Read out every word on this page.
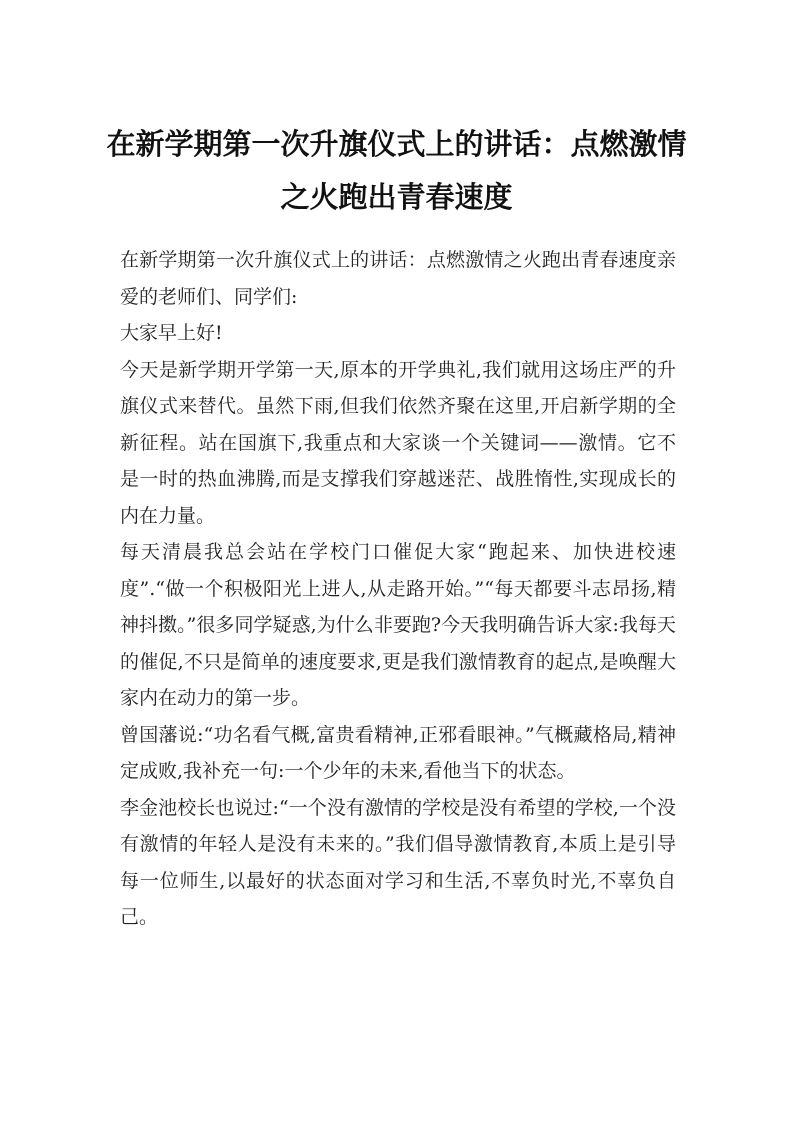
在新学期第一次升旗仪式上的讲话：点燃激情之火跑出青春速度

在新学期第一次升旗仪式上的讲话：点燃激情之火跑出青春速度亲爱的老师们、同学们:

大家早上好!

今天是新学期开学第一天,原本的开学典礼,我们就用这场庄严的升旗仪式来替代。虽然下雨,但我们依然齐聚在这里,开启新学期的全新征程。站在国旗下,我重点和大家谈一个关键词——激情。它不是一时的热血沸腾,而是支撑我们穿越迷茫、战胜惰性,实现成长的内在力量。

每天清晨我总会站在学校门口催促大家“跑起来、加快进校速度”.“做一个积极阳光上进人,从走路开始。”“每天都要斗志昂扬,精神抖擞。”很多同学疑惑,为什么非要跑?今天我明确告诉大家:我每天的催促,不只是简单的速度要求,更是我们激情教育的起点,是唤醒大家内在动力的第一步。

曾国藩说:“功名看气概,富贵看精神,正邪看眼神。”气概藏格局,精神定成败,我补充一句:一个少年的未来,看他当下的状态。

李金池校长也说过:“一个没有激情的学校是没有希望的学校,一个没有激情的年轻人是没有未来的。”我们倡导激情教育,本质上是引导每一位师生,以最好的状态面对学习和生活,不辜负时光,不辜负自己。
